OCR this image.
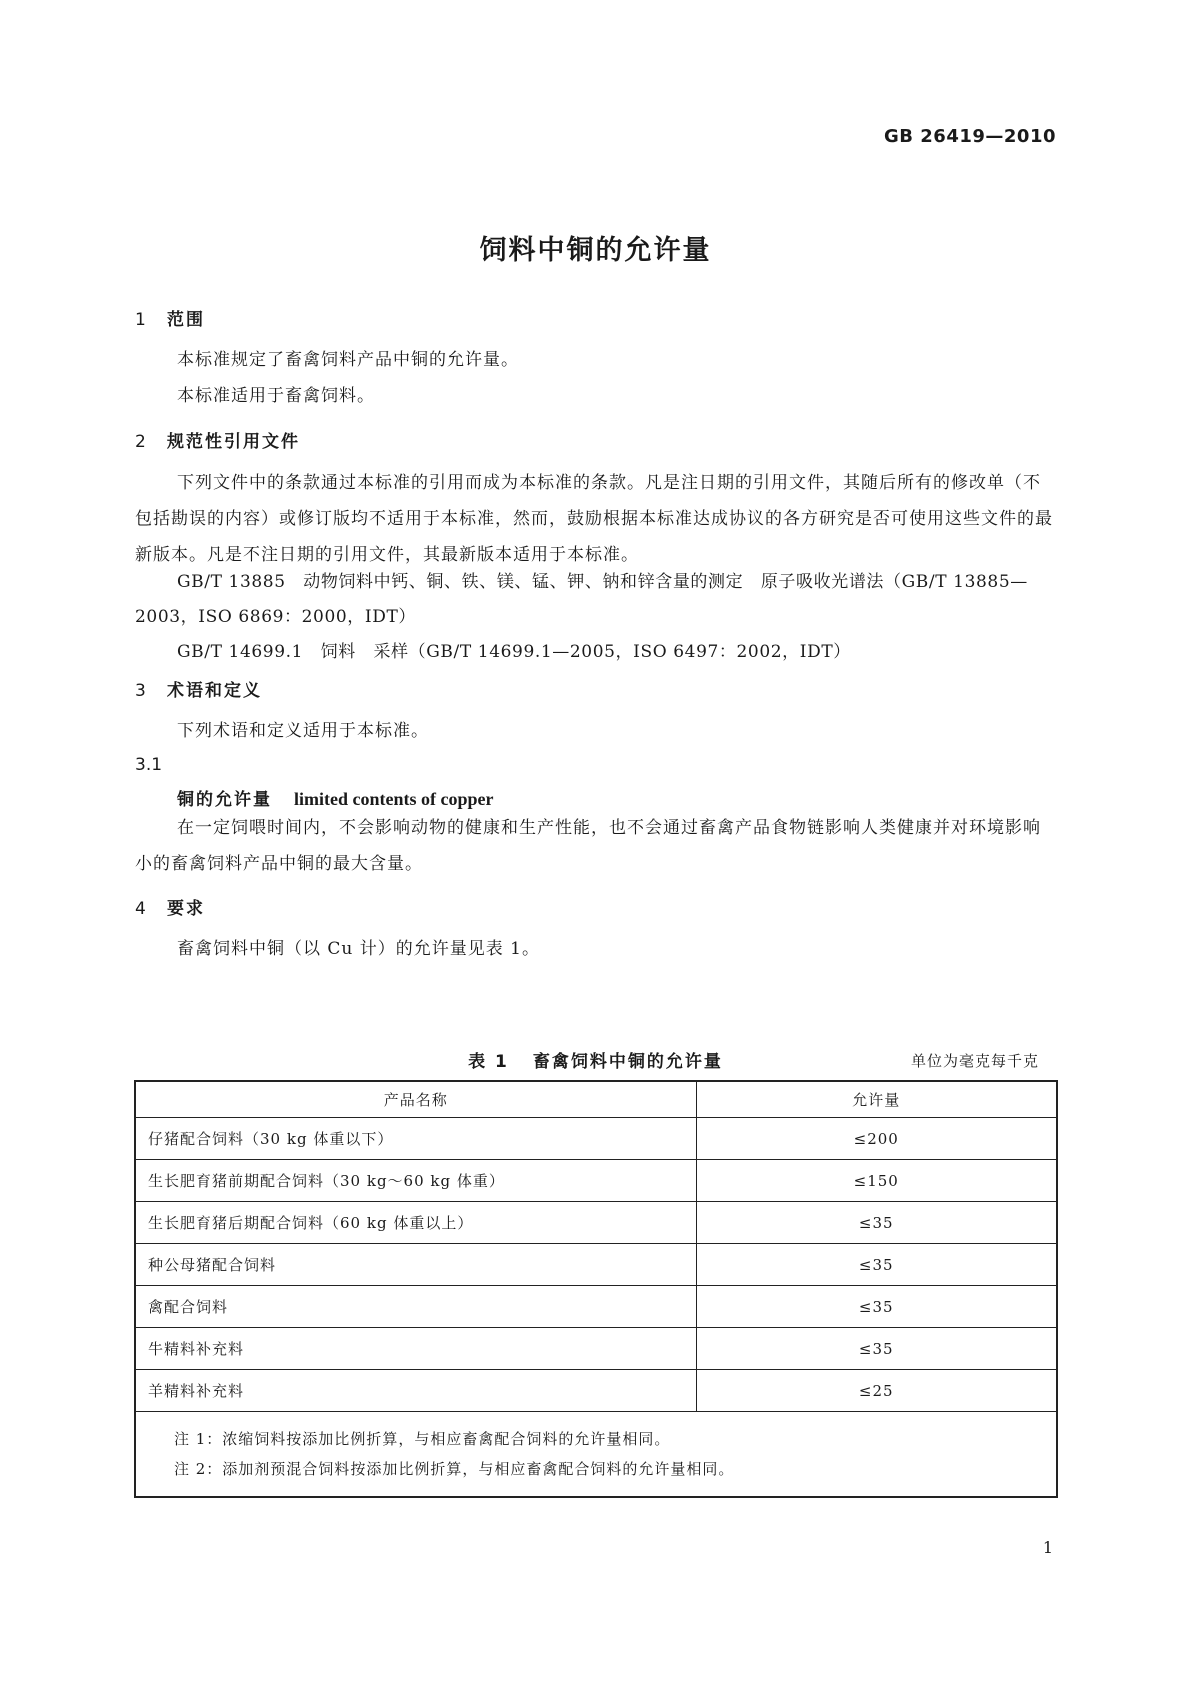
GB 26419—2010
饲料中铜的允许量
1 范围

本标准规定了畜禽饲料产品中铜的允许量。

本标准适用于畜禽饲料。

2 规范性引用文件

下列文件中的条款通过本标准的引用而成为本标准的条款。凡是注日期的引用文件，其随后所有的修改单（不包括勘误的内容）或修订版均不适用于本标准，然而，鼓励根据本标准达成协议的各方研究是否可使用这些文件的最新版本。凡是不注日期的引用文件，其最新版本适用于本标准。

GB/T 13885　动物饲料中钙、铜、铁、镁、锰、钾、钠和锌含量的测定　原子吸收光谱法（GB/T 13885—2003，ISO 6869：2000，IDT）

GB/T 14699.1　饲料　采样（GB/T 14699.1—2005，ISO 6497：2002，IDT）

3 术语和定义

下列术语和定义适用于本标准。

3.1
铜的允许量 limited contents of copper

在一定饲喂时间内，不会影响动物的健康和生产性能，也不会通过畜禽产品食物链影响人类健康并对环境影响小的畜禽饲料产品中铜的最大含量。

4 要求

畜禽饲料中铜（以 Cu 计）的允许量见表 1。

表 1 畜禽饲料中铜的允许量	单位为毫克每千克
产品名称	允许量
仔猪配合饲料（30 kg 体重以下）	≤200
生长肥育猪前期配合饲料（30 kg～60 kg 体重）	≤150
生长肥育猪后期配合饲料（60 kg 体重以上）	≤35
种公母猪配合饲料	≤35
禽配合饲料	≤35
牛精料补充料	≤35
羊精料补充料	≤25

注 1：浓缩饲料按添加比例折算，与相应畜禽配合饲料的允许量相同。
注 2：添加剂预混合饲料按添加比例折算，与相应畜禽配合饲料的允许量相同。	
1
